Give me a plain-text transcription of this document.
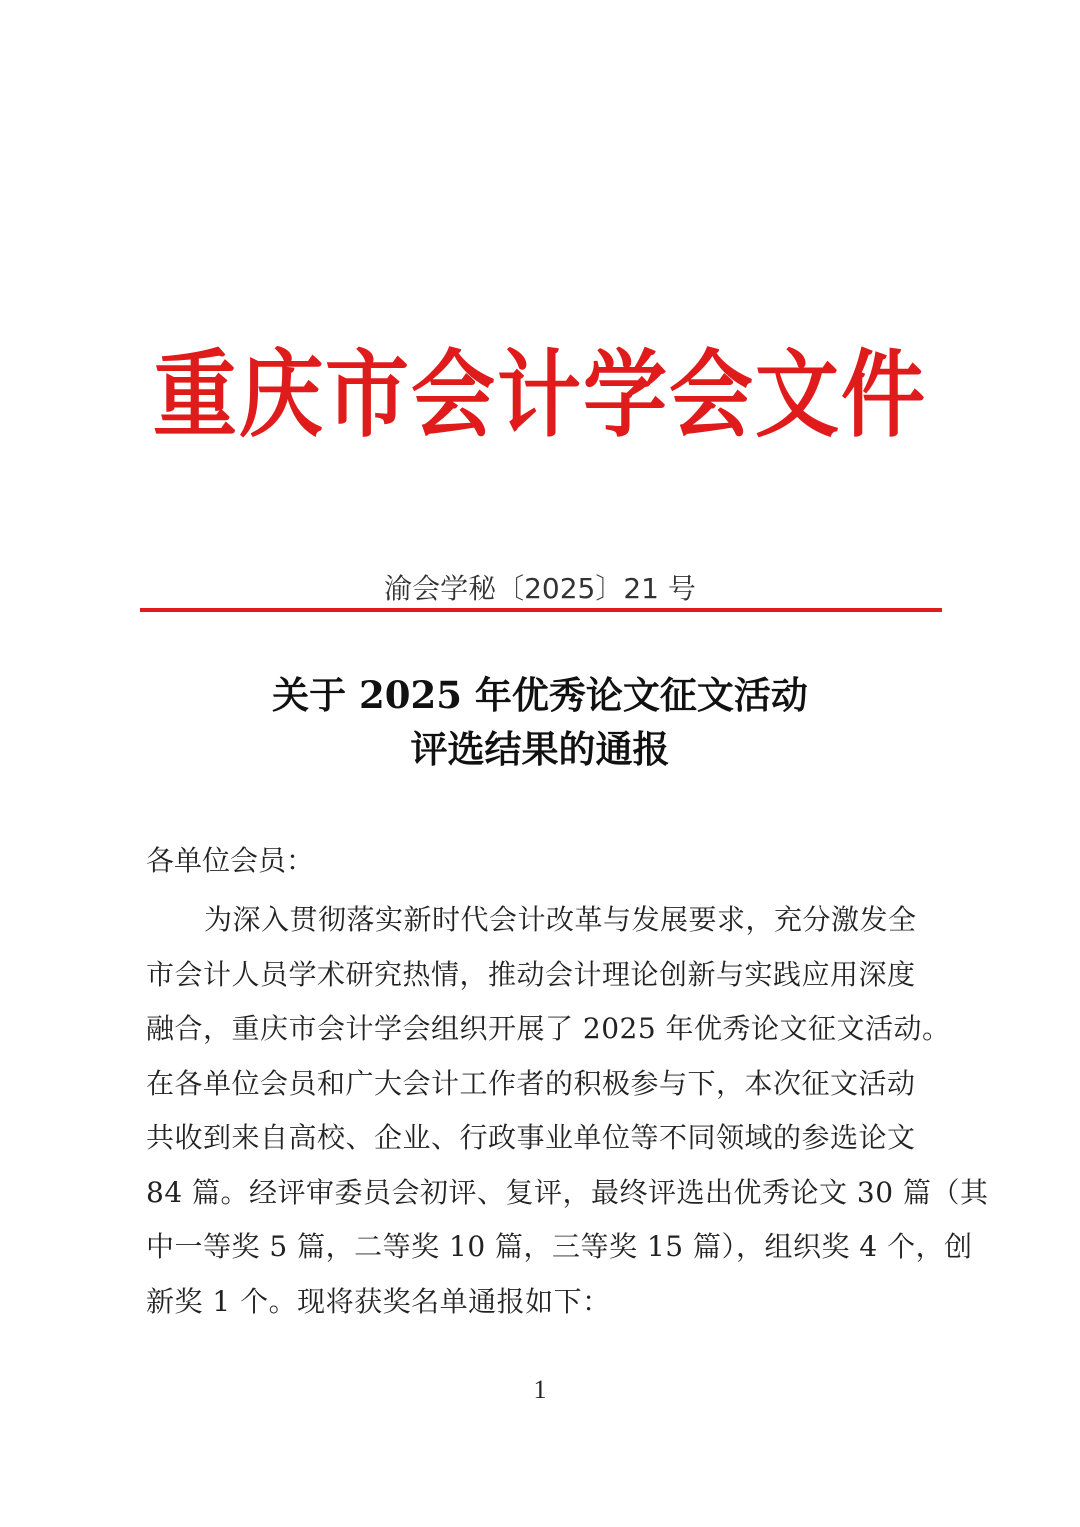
重庆市会计学会文件
渝会学秘〔2025〕21 号
关于 2025 年优秀论文征文活动
评选结果的通报
各单位会员：
为深入贯彻落实新时代会计改革与发展要求，充分激发全
市会计人员学术研究热情，推动会计理论创新与实践应用深度
融合，重庆市会计学会组织开展了 2025 年优秀论文征文活动。
在各单位会员和广大会计工作者的积极参与下，本次征文活动
共收到来自高校、企业、行政事业单位等不同领域的参选论文
84 篇。经评审委员会初评、复评，最终评选出优秀论文 30 篇（其
中一等奖 5 篇，二等奖 10 篇，三等奖 15 篇），组织奖 4 个，创
新奖 1 个。现将获奖名单通报如下：
1
